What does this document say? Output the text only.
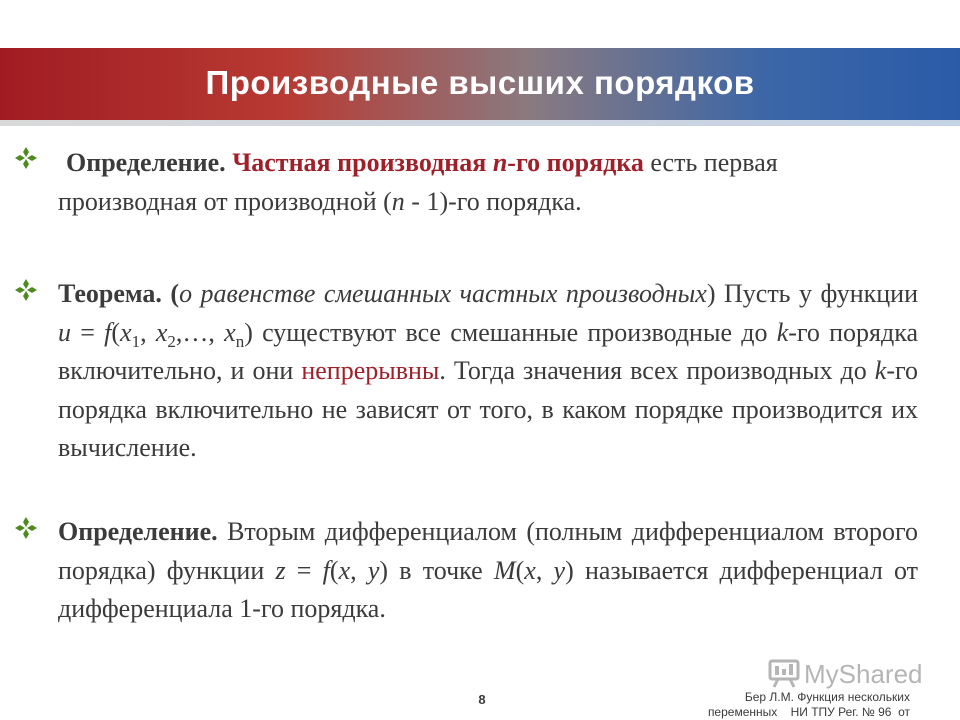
Производные высших порядков
Определение. Частная производная n-го порядка есть первая производная от производной (n - 1)-го порядка.
Теорема. (о равенстве смешанных частных производных) Пусть у функции $u = f(x_1$, $x_2,\dots$, $x_n$) существуют все смешанные производные до k-го порядка включительно, и они непрерывны. Тогда значения всех производных до k-го порядка включительно не зависят от того, в каком порядке производится их вычисление.
Определение. Вторым дифференциалом (полным дифференциалом второго порядка) функции z = f(x, y) в точке M(x, y) называется дифференциал от дифференциала 1-го порядка.
MyShared
8	Бер Л.М. Функция нескольких
переменных    НИ ТПУ Рег. № 96  от
